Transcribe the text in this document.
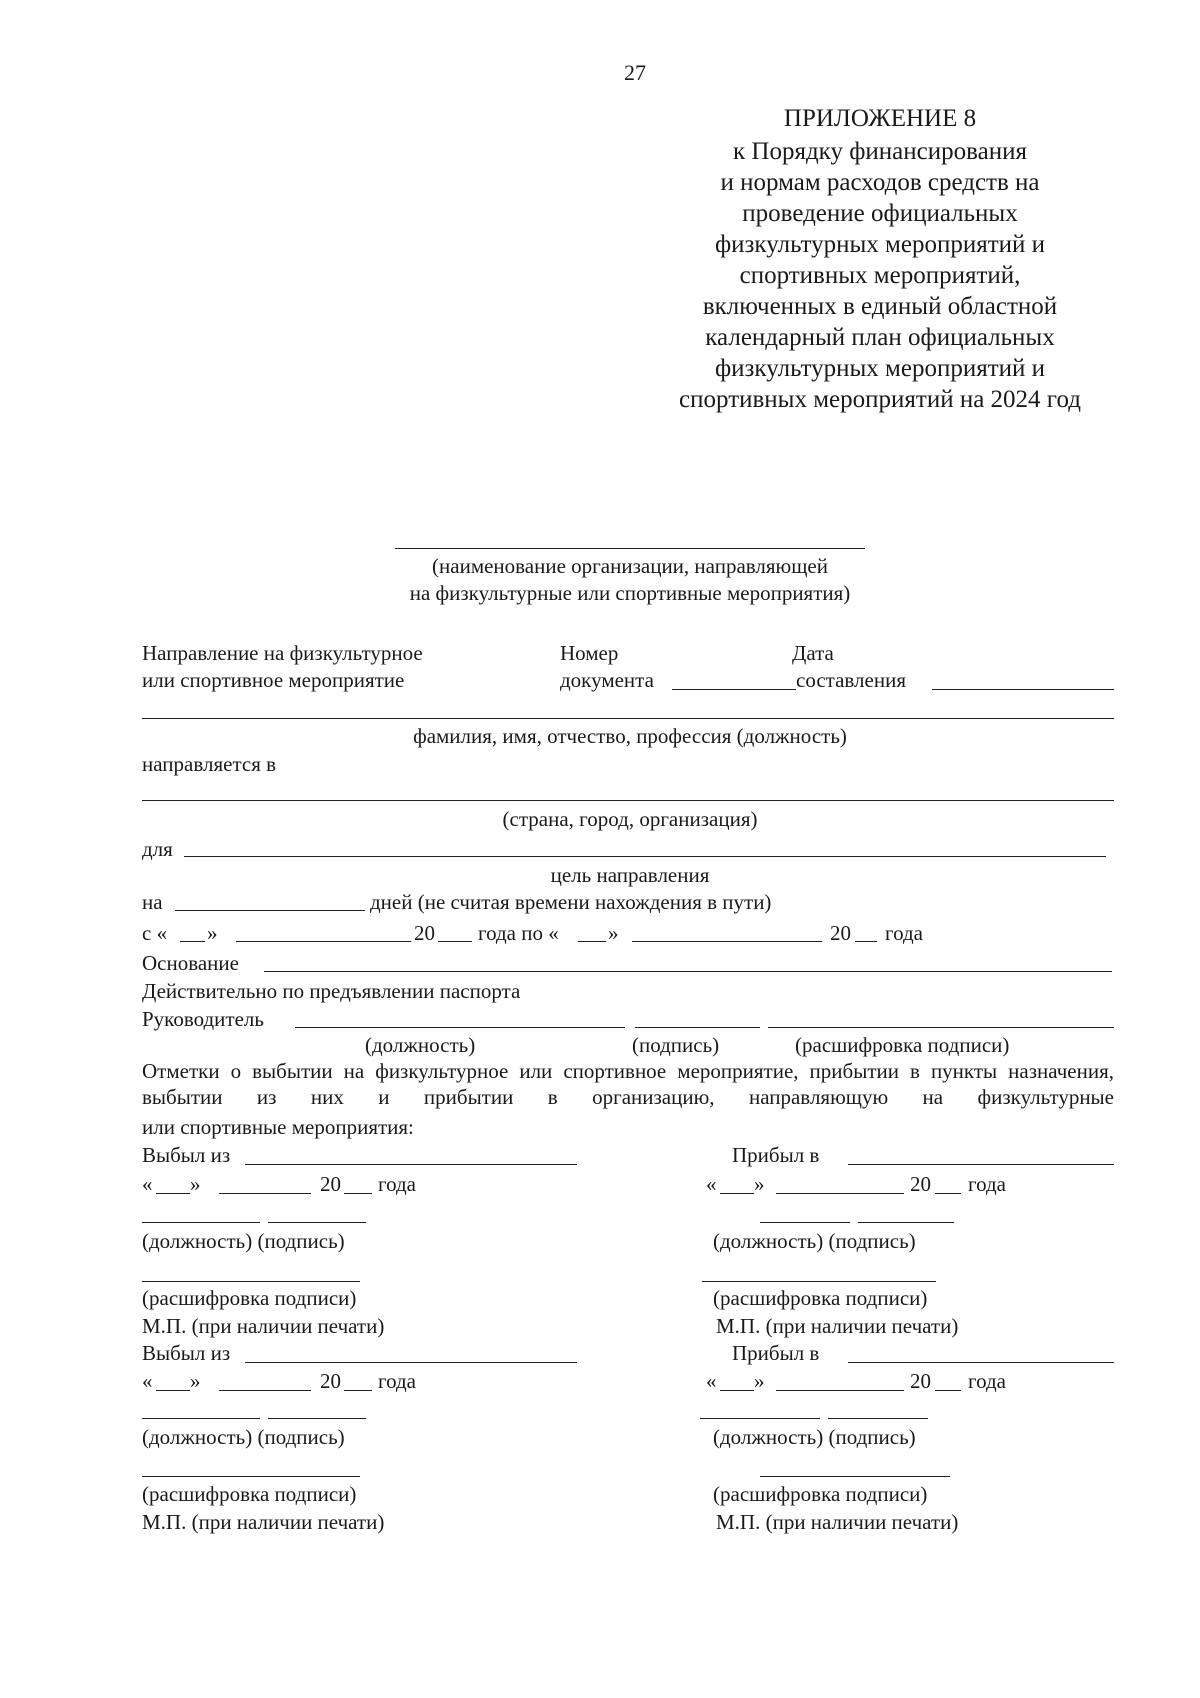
27
ПРИЛОЖЕНИЕ 8
к Порядку финансирования
и нормам расходов средств на
проведение официальных
физкультурных мероприятий и
спортивных мероприятий,
включенных в единый областной
календарный план официальных
физкультурных мероприятий и
спортивных мероприятий на 2024 год
(наименование организации, направляющей
на физкультурные или спортивные мероприятия)
Направление на физкультурное
или спортивное мероприятие
Номер
документа
Дата
составления
фамилия, имя, отчество, профессия (должность)
направляется в
(страна, город, организация)
для
цель направления
на	дней (не считая времени нахождения в пути)
с « »	20 года по « »	20 года
Основание
Действительно по предъявлении паспорта
Руководитель
(должность)	(подпись)	(расшифровка подписи)
Отметки о выбытии на физкультурное или спортивное мероприятие, прибытии в пункты назначения, выбытии из них и прибытии в организацию, направляющую на физкультурные
или спортивные мероприятия:
Выбыл из
« »	20 года
(должность) (подпись)
(расшифровка подписи)
М.П. (при наличии печати)
Прибыл в
« »	20 года
(должность) (подпись)
(расшифровка подписи)
М.П. (при наличии печати)
Выбыл из
« »	20 года
(должность) (подпись)
(расшифровка подписи)
М.П. (при наличии печати)
Прибыл в
« »	20 года
(должность) (подпись)
(расшифровка подписи)
М.П. (при наличии печати)
